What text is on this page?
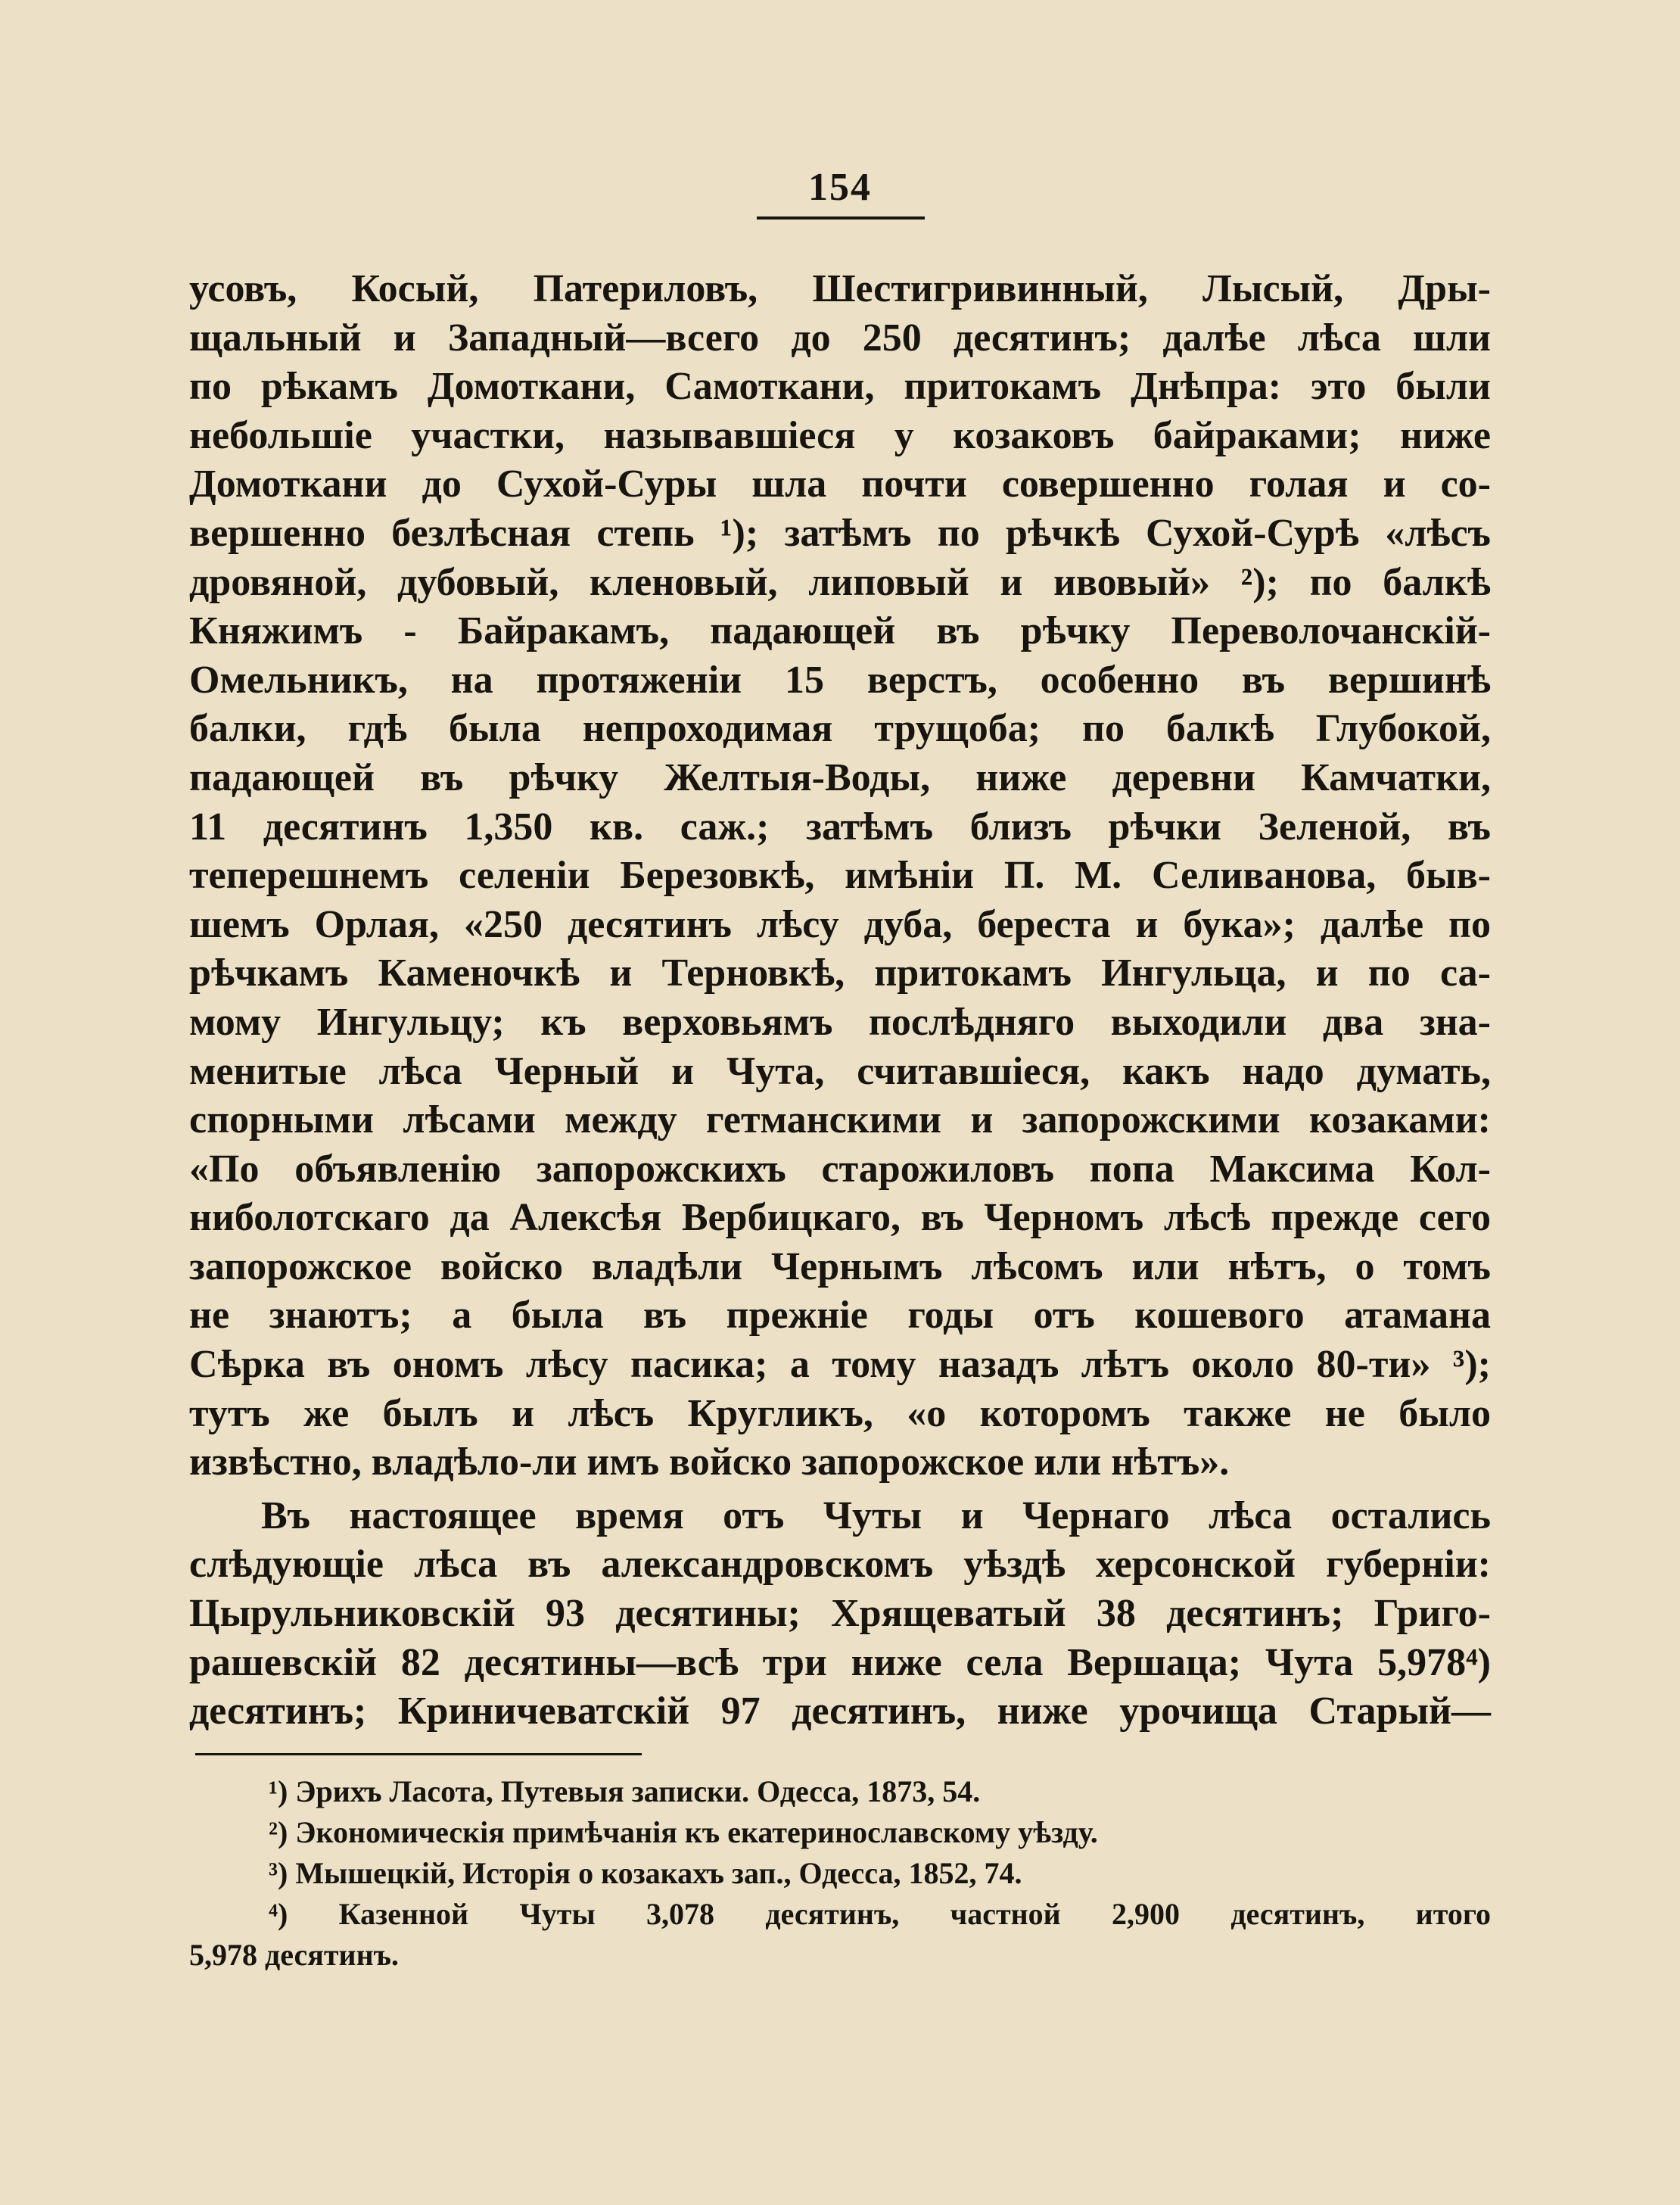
154
усовъ, Косый, Патериловъ, Шестигривинный, Лысый, Дры-
щальный и Западный—всего до 250 десятинъ; далѣе лѣса шли
по рѣкамъ Домоткани, Самоткани, притокамъ Днѣпра: это были
небольшіе участки, называвшіеся у козаковъ байраками; ниже
Домоткани до Сухой-Суры шла почти совершенно голая и со-
вершенно безлѣсная степь ¹); затѣмъ по рѣчкѣ Сухой-Сурѣ «лѣсъ
дровяной, дубовый, кленовый, липовый и ивовый» ²); по балкѣ
Княжимъ - Байракамъ, падающей въ рѣчку Переволочанскій-
Омельникъ, на протяженіи 15 верстъ, особенно въ вершинѣ
балки, гдѣ была непроходимая трущоба; по балкѣ Глубокой,
падающей въ рѣчку Желтыя-Воды, ниже деревни Камчатки,
11 десятинъ 1,350 кв. саж.; затѣмъ близъ рѣчки Зеленой, въ
теперешнемъ селеніи Березовкѣ, имѣніи П. М. Селиванова, быв-
шемъ Орлая, «250 десятинъ лѣсу дуба, береста и бука»; далѣе по
рѣчкамъ Каменочкѣ и Терновкѣ, притокамъ Ингульца, и по са-
мому Ингульцу; къ верховьямъ послѣдняго выходили два зна-
менитые лѣса Черный и Чута, считавшіеся, какъ надо думать,
спорными лѣсами между гетманскими и запорожскими козаками:
«По объявленію запорожскихъ старожиловъ попа Максима Кол-
ниболотскаго да Алексѣя Вербицкаго, въ Черномъ лѣсѣ прежде сего
запорожское войско владѣли Чернымъ лѣсомъ или нѣтъ, о томъ
не знаютъ; а была въ прежніе годы отъ кошевого атамана
Сѣрка въ ономъ лѣсу пасика; а тому назадъ лѣтъ около 80-ти» ³);
тутъ же былъ и лѣсъ Кругликъ, «о которомъ также не было
извѣстно, владѣло-ли имъ войско запорожское или нѣтъ».
Въ настоящее время отъ Чуты и Чернаго лѣса остались
слѣдующіе лѣса въ александровскомъ уѣздѣ херсонской губерніи:
Цырульниковскій 93 десятины; Хрящеватый 38 десятинъ; Григо-
рашевскій 82 десятины—всѣ три ниже села Вершаца; Чута 5,978⁴)
десятинъ; Криничеватскій 97 десятинъ, ниже урочища Старый—
¹) Эрихъ Ласота, Путевыя записки. Одесса, 1873, 54.
²) Экономическія примѣчанія къ екатеринославскому уѣзду.
³) Мышецкій, Исторія о козакахъ зап., Одесса, 1852, 74.
⁴) Казенной Чуты 3,078 десятинъ, частной 2,900 десятинъ, итого
5,978 десятинъ.
